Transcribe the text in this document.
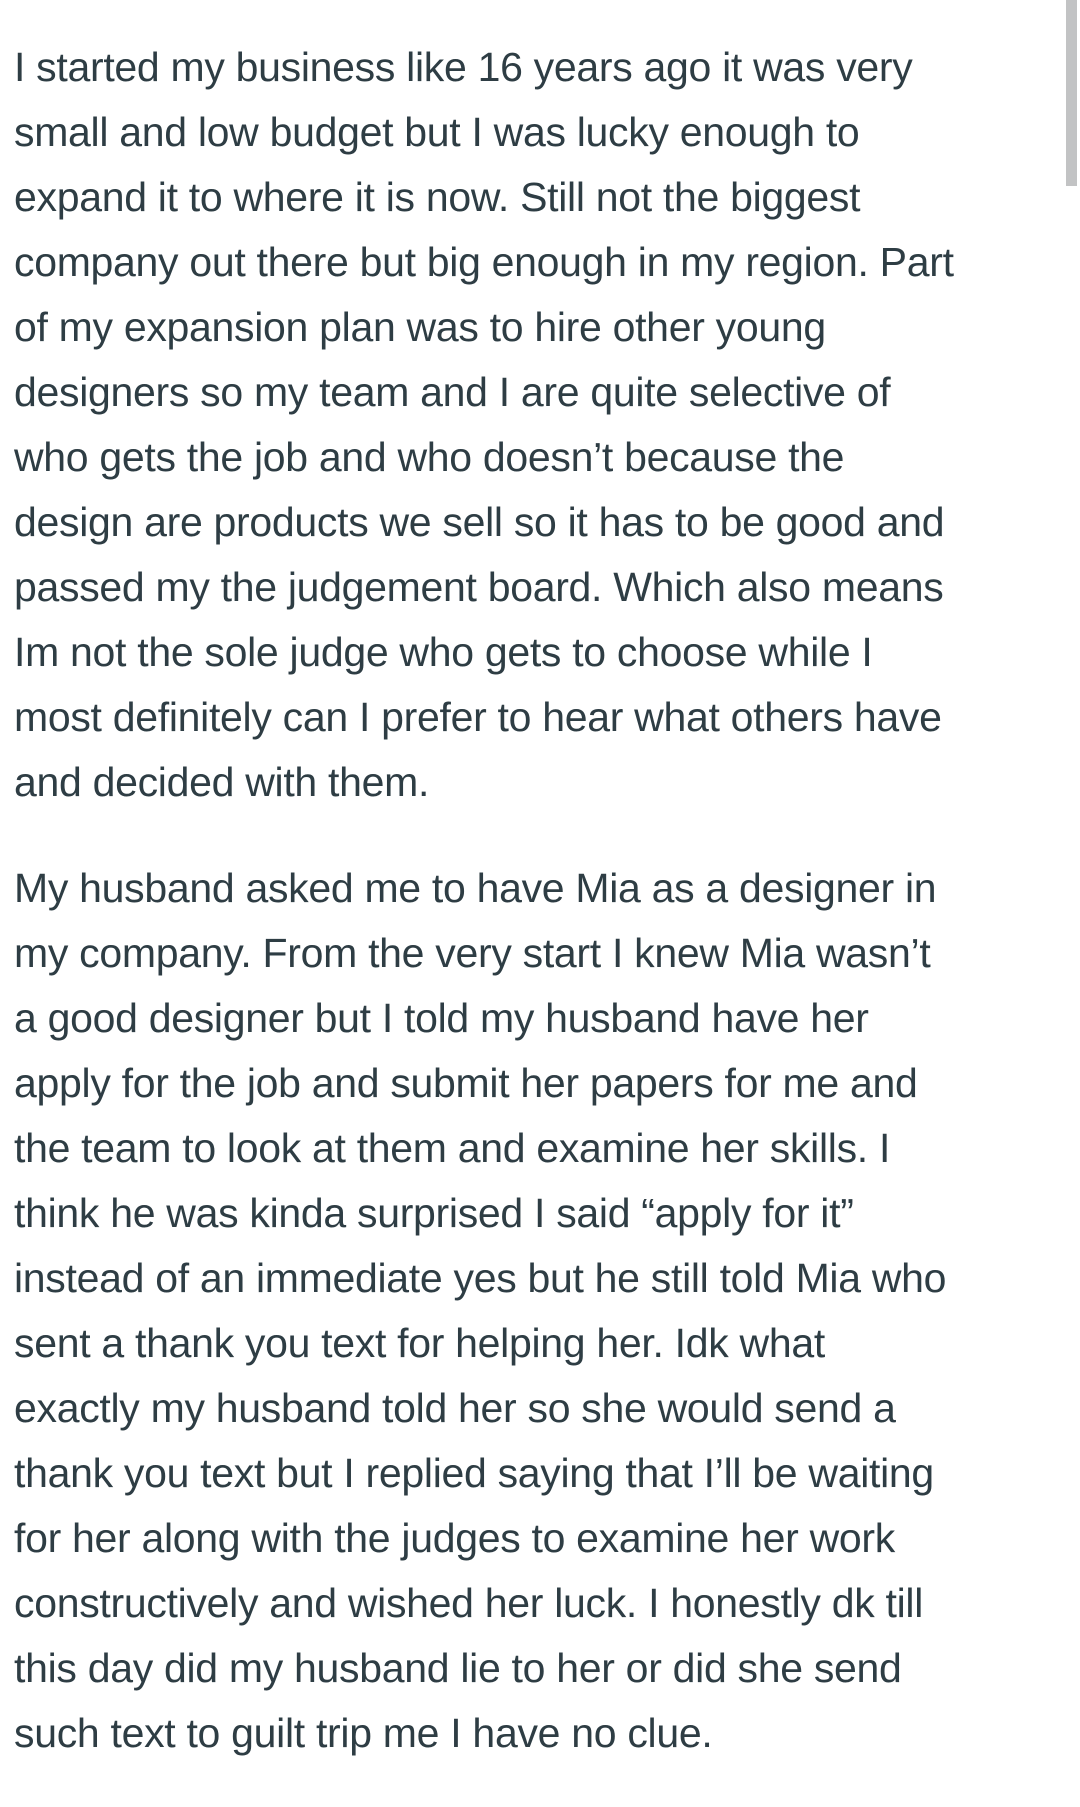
I started my business like 16 years ago it was very
small and low budget but I was lucky enough to
expand it to where it is now. Still not the biggest
company out there but big enough in my region. Part
of my expansion plan was to hire other young
designers so my team and I are quite selective of
who gets the job and who doesn’t because the
design are products we sell so it has to be good and
passed my the judgement board. Which also means
Im not the sole judge who gets to choose while I
most definitely can I prefer to hear what others have
and decided with them.

My husband asked me to have Mia as a designer in
my company. From the very start I knew Mia wasn’t
a good designer but I told my husband have her
apply for the job and submit her papers for me and
the team to look at them and examine her skills. I
think he was kinda surprised I said “apply for it”
instead of an immediate yes but he still told Mia who
sent a thank you text for helping her. Idk what
exactly my husband told her so she would send a
thank you text but I replied saying that I’ll be waiting
for her along with the judges to examine her work
constructively and wished her luck. I honestly dk till
this day did my husband lie to her or did she send
such text to guilt trip me I have no clue.
